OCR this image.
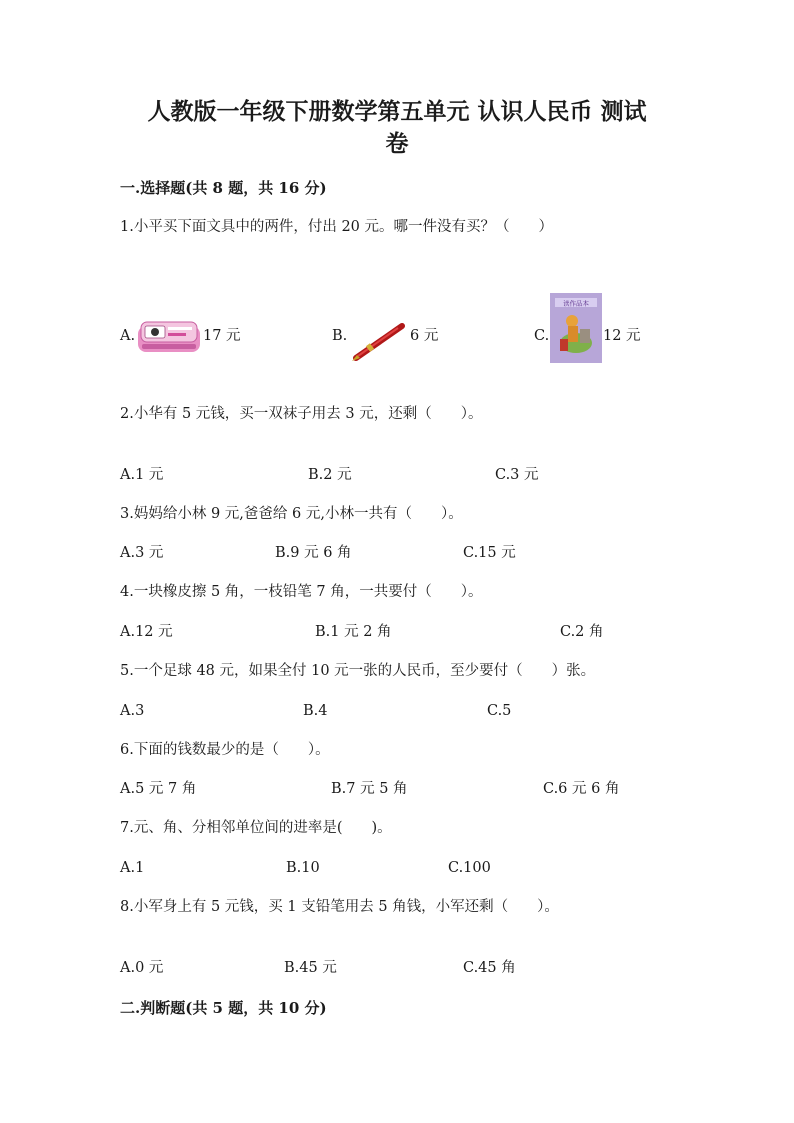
人教版一年级下册数学第五单元 认识人民币 测试
卷
一.选择题(共 8 题，共 16 分)
1.小平买下面文具中的两件，付出 20 元。哪一件没有买？（　　）
A.	17 元	B.	6 元	C.
读作品本
12 元
2.小华有 5 元钱，买一双袜子用去 3 元，还剩（　　）。
A.1 元	B.2 元	C.3 元
3.妈妈给小林 9 元,爸爸给 6 元,小林一共有（　　）。
A.3 元	B.9 元 6 角	C.15 元
4.一块橡皮擦 5 角，一枝铅笔 7 角，一共要付（　　）。
A.12 元	B.1 元 2 角	C.2 角
5.一个足球 48 元，如果全付 10 元一张的人民币，至少要付（　　）张。
A.3	B.4	C.5
6.下面的钱数最少的是（　　）。
A.5 元 7 角	B.7 元 5 角	C.6 元 6 角
7.元、角、分相邻单位间的进率是(　　)。
A.1	B.10	C.100
8.小军身上有 5 元钱，买 1 支铅笔用去 5 角钱，小军还剩（　　）。
A.0 元	B.45 元	C.45 角
二.判断题(共 5 题，共 10 分)
